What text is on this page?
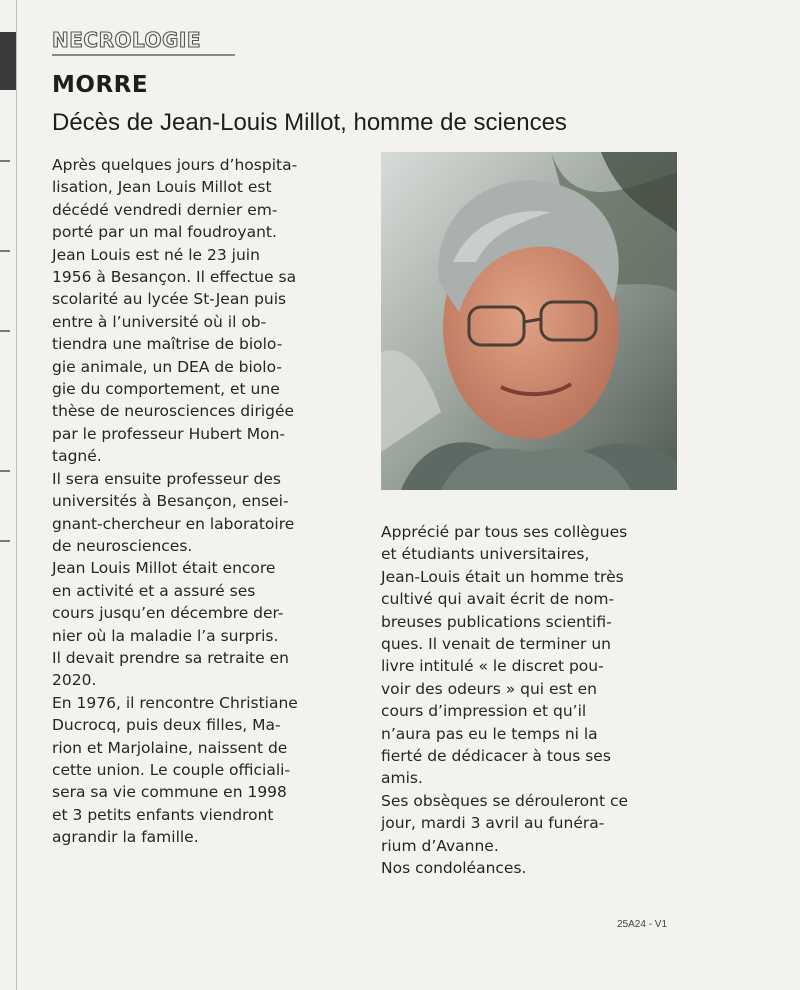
NECROLOGIE
MORRE
Décès de Jean-Louis Millot, homme de sciences

Après quelques jours d’hospita-

lisation, Jean Louis Millot est

décédé vendredi dernier em-

porté par un mal foudroyant.

Jean Louis est né le 23 juin

1956 à Besançon. Il effectue sa

scolarité au lycée St-Jean puis

entre à l’université où il ob-

tiendra une maîtrise de biolo-

gie animale, un DEA de biolo-

gie du comportement, et une

thèse de neurosciences dirigée

par le professeur Hubert Mon-

tagné.

Il sera ensuite professeur des

universités à Besançon, ensei-

gnant-chercheur en laboratoire

de neurosciences.

Jean Louis Millot était encore

en activité et a assuré ses

cours jusqu’en décembre der-

nier où la maladie l’a surpris.

Il devait prendre sa retraite en

2020.

En 1976, il rencontre Christiane

Ducrocq, puis deux filles, Ma-

rion et Marjolaine, naissent de

cette union. Le couple officiali-

sera sa vie commune en 1998

et 3 petits enfants viendront

agrandir la famille.

Apprécié par tous ses collègues

et étudiants universitaires,

Jean-Louis était un homme très

cultivé qui avait écrit de nom-

breuses publications scientifi-

ques. Il venait de terminer un

livre intitulé « le discret pou-

voir des odeurs » qui est en

cours d’impression et qu’il

n’aura pas eu le temps ni la

fierté de dédicacer à tous ses

amis.

Ses obsèques se dérouleront ce

jour, mardi 3 avril au funéra-

rium d’Avanne.

Nos condoléances.

25A24 - V1
